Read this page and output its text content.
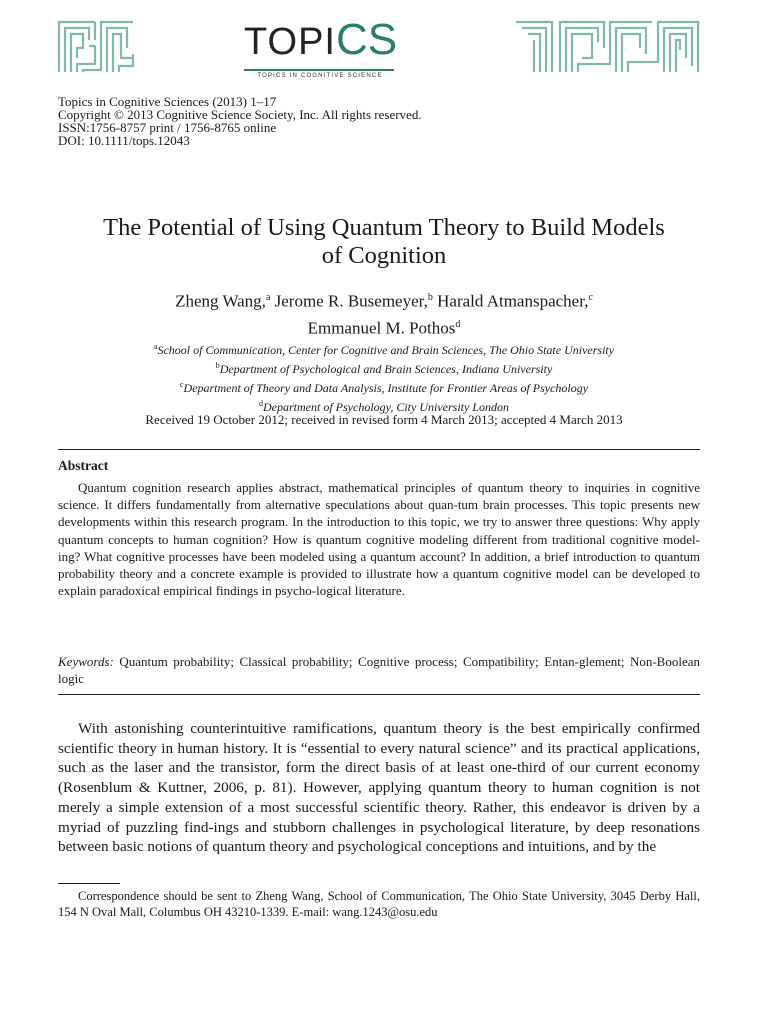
TOPICS
TOPICS IN COGNITIVE SCIENCE
Topics in Cognitive Sciences (2013) 1–17
Copyright © 2013 Cognitive Science Society, Inc. All rights reserved.
ISSN:1756-8757 print / 1756-8765 online
DOI: 10.1111/tops.12043
The Potential of Using Quantum Theory to Build Models
of Cognition
Zheng Wang,$^a$ Jerome R. Busemeyer,$^b$ Harald Atmanspacher,$^c$
Emmanuel M. Pothos$^d$
$^a$School of Communication, Center for Cognitive and Brain Sciences, The Ohio State University
$^b$Department of Psychological and Brain Sciences, Indiana University
$^c$Department of Theory and Data Analysis, Institute for Frontier Areas of Psychology
$^d$Department of Psychology, City University London
Received 19 October 2012; received in revised form 4 March 2013; accepted 4 March 2013
Abstract

Quantum cognition research applies abstract, mathematical principles of quantum theory to inquiries in cognitive science. It differs fundamentally from alternative speculations about quan-tum brain processes. This topic presents new developments within this research program. In the introduction to this topic, we try to answer three questions: Why apply quantum concepts to human cognition? How is quantum cognitive modeling different from traditional cognitive model-ing? What cognitive processes have been modeled using a quantum account? In addition, a brief introduction to quantum probability theory and a concrete example is provided to illustrate how a quantum cognitive model can be developed to explain paradoxical empirical findings in psycho-logical literature.

Keywords: Quantum probability; Classical probability; Cognitive process; Compatibility; Entan-glement; Non-Boolean logic

With astonishing counterintuitive ramifications, quantum theory is the best empirically confirmed scientific theory in human history. It is “essential to every natural science” and its practical applications, such as the laser and the transistor, form the direct basis of at least one-third of our current economy (Rosenblum & Kuttner, 2006, p. 81). However, applying quantum theory to human cognition is not merely a simple extension of a most successful scientific theory. Rather, this endeavor is driven by a myriad of puzzling find-ings and stubborn challenges in psychological literature, by deep resonations between basic notions of quantum theory and psychological conceptions and intuitions, and by the

Correspondence should be sent to Zheng Wang, School of Communication, The Ohio State University, 3045 Derby Hall, 154 N Oval Mall, Columbus OH 43210-1339. E-mail: wang.1243@osu.edu
